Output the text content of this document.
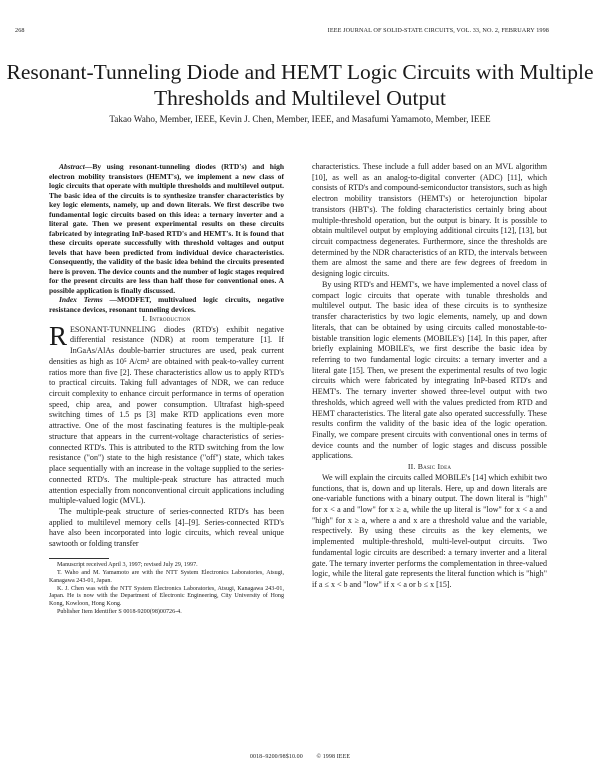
268	IEEE JOURNAL OF SOLID-STATE CIRCUITS, VOL. 33, NO. 2, FEBRUARY 1998
Resonant-Tunneling Diode and HEMT Logic Circuits with Multiple Thresholds and Multilevel Output
Takao Waho, Member, IEEE, Kevin J. Chen, Member, IEEE, and Masafumi Yamamoto, Member, IEEE

Abstract—By using resonant-tunneling diodes (RTD's) and high electron mobility transistors (HEMT's), we implement a new class of logic circuits that operate with multiple thresholds and multilevel output. The basic idea of the circuits is to synthesize transfer characteristics by key logic elements, namely, up and down literals. We first describe two fundamental logic circuits based on this idea: a ternary inverter and a literal gate. Then we present experimental results on these circuits fabricated by integrating InP-based RTD's and HEMT's. It is found that these circuits operate successfully with threshold voltages and output levels that have been predicted from individual device characteristics. Consequently, the validity of the basic idea behind the circuits presented here is proven. The device counts and the number of logic stages required for the present circuits are less than half those for conventional ones. A possible application is finally discussed.

Index Terms —MODFET, multivalued logic circuits, negative resistance devices, resonant tunneling devices.

I. Introduction

RESONANT-TUNNELING diodes (RTD's) exhibit negative differential resistance (NDR) at room temperature [1]. If InGaAs/AlAs double-barrier structures are used, peak current densities as high as 10⁵ A/cm² are obtained with peak-to-valley current ratios more than five [2]. These characteristics allow us to apply RTD's to practical circuits. Taking full advantages of NDR, we can reduce circuit complexity to enhance circuit performance in terms of operation speed, chip area, and power consumption. Ultrafast high-speed switching times of 1.5 ps [3] make RTD applications even more attractive. One of the most fascinating features is the multiple-peak structure that appears in the current-voltage characteristics of series-connected RTD's. This is attributed to the RTD switching from the low resistance ("on") state to the high resistance ("off") state, which takes place sequentially with an increase in the voltage supplied to the series-connected RTD's. The multiple-peak structure has attracted much attention especially from nonconventional circuit applications including multiple-valued logic (MVL).

The multiple-peak structure of series-connected RTD's has been applied to multilevel memory cells [4]–[9]. Series-connected RTD's have also been incorporated into logic circuits, which reveal unique sawtooth or folding transfer

Manuscript received April 3, 1997; revised July 29, 1997.

T. Waho and M. Yamamoto are with the NTT System Electronics Laboratories, Atsugi, Kanagawa 243-01, Japan.

K. J. Chen was with the NTT System Electronics Laboratories, Atsugi, Kanagawa 243-01, Japan. He is now with the Department of Electronic Engineering, City University of Hong Kong, Kowloon, Hong Kong.

Publisher Item Identifier S 0018-9200(98)00726-4.

characteristics. These include a full adder based on an MVL algorithm [10], as well as an analog-to-digital converter (ADC) [11], which consists of RTD's and compound-semiconductor transistors, such as high electron mobility transistors (HEMT's) or heterojunction bipolar transistors (HBT's). The folding characteristics certainly bring about multiple-threshold operation, but the output is binary. It is possible to obtain multilevel output by employing additional circuits [12], [13], but circuit compactness degenerates. Furthermore, since the thresholds are determined by the NDR characteristics of an RTD, the intervals between them are almost the same and there are few degrees of freedom in designing logic circuits.

By using RTD's and HEMT's, we have implemented a novel class of compact logic circuits that operate with tunable thresholds and multilevel output. The basic idea of these circuits is to synthesize transfer characteristics by two logic elements, namely, up and down literals, that can be obtained by using circuits called monostable-to-bistable transition logic elements (MOBILE's) [14]. In this paper, after briefly explaining MOBILE's, we first describe the basic idea by referring to two fundamental logic circuits: a ternary inverter and a literal gate [15]. Then, we present the experimental results of two logic circuits which were fabricated by integrating InP-based RTD's and HEMT's. The ternary inverter showed three-level output with two thresholds, which agreed well with the values predicted from RTD and HEMT characteristics. The literal gate also operated successfully. These results confirm the validity of the basic idea of the logic operation. Finally, we compare present circuits with conventional ones in terms of device counts and the number of logic stages and discuss possible applications.

II. Basic Idea

We will explain the circuits called MOBILE's [14] which exhibit two functions, that is, down and up literals. Here, up and down literals are one-variable functions with a binary output. The down literal is "high" for x < a and "low" for x ≥ a, while the up literal is "low" for x < a and "high" for x ≥ a, where a and x are a threshold value and the variable, respectively. By using these circuits as the key elements, we implemented multiple-threshold, multi-level-output circuits. Two fundamental logic circuits are described: a ternary inverter and a literal gate. The ternary inverter performs the complementation in three-valued logic, while the literal gate represents the literal function which is "high" if a ≤ x < b and "low" if x < a or b ≤ x [15].

0018–9200/98$10.00 © 1998 IEEE
